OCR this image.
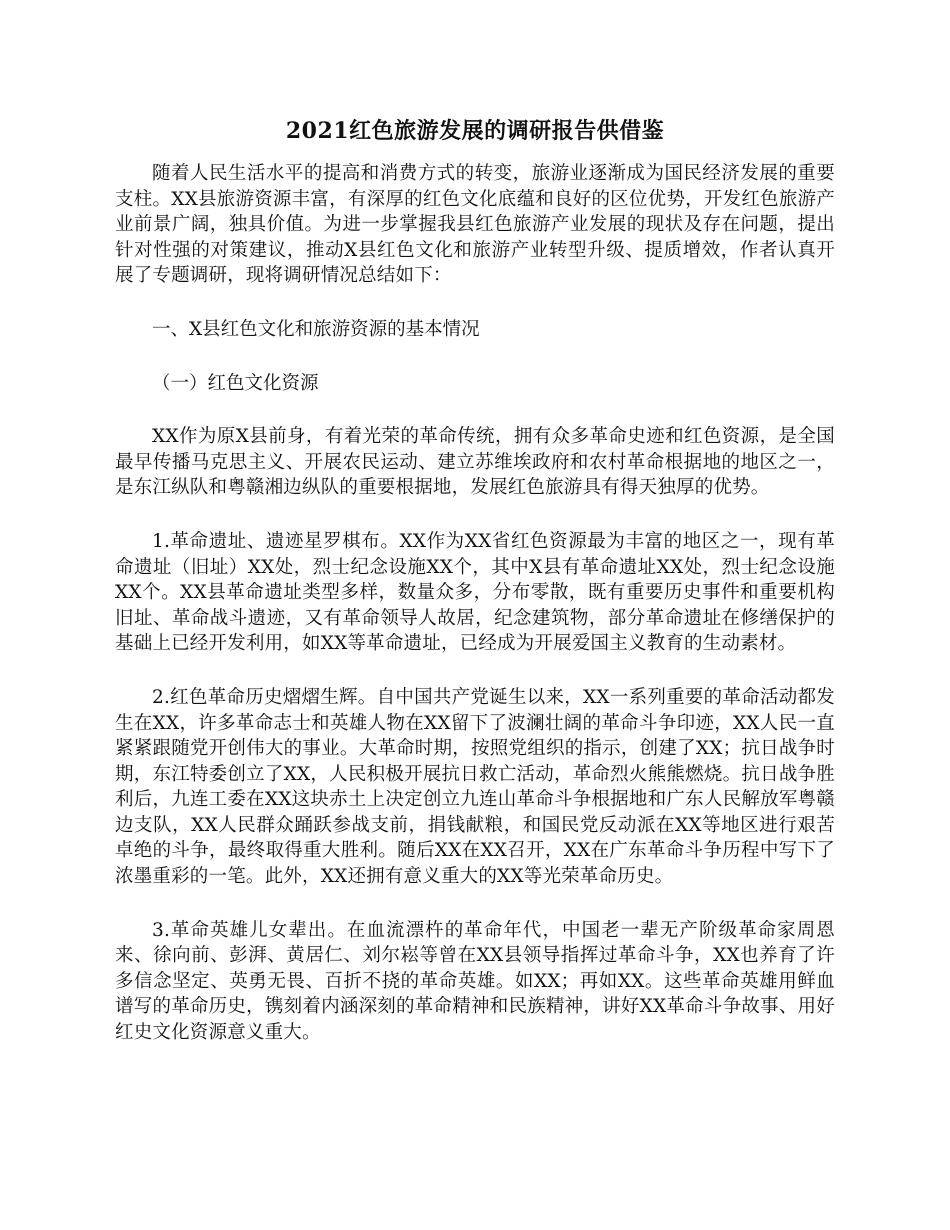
2021红色旅游发展的调研报告供借鉴

随着人民生活水平的提高和消费方式的转变，旅游业逐渐成为国民经济发展的重要支柱。XX县旅游资源丰富，有深厚的红色文化底蕴和良好的区位优势，开发红色旅游产业前景广阔，独具价值。为进一步掌握我县红色旅游产业发展的现状及存在问题，提出针对性强的对策建议，推动X县红色文化和旅游产业转型升级、提质增效，作者认真开展了专题调研，现将调研情况总结如下：

一、X县红色文化和旅游资源的基本情况

（一）红色文化资源

XX作为原X县前身，有着光荣的革命传统，拥有众多革命史迹和红色资源，是全国最早传播马克思主义、开展农民运动、建立苏维埃政府和农村革命根据地的地区之一，是东江纵队和粤赣湘边纵队的重要根据地，发展红色旅游具有得天独厚的优势。

1.革命遗址、遗迹星罗棋布。XX作为XX省红色资源最为丰富的地区之一，现有革命遗址（旧址）XX处，烈士纪念设施XX个，其中X县有革命遗址XX处，烈士纪念设施XX个。XX县革命遗址类型多样，数量众多，分布零散，既有重要历史事件和重要机构旧址、革命战斗遗迹，又有革命领导人故居，纪念建筑物，部分革命遗址在修缮保护的基础上已经开发利用，如XX等革命遗址，已经成为开展爱国主义教育的生动素材。

2.红色革命历史熠熠生辉。自中国共产党诞生以来，XX一系列重要的革命活动都发生在XX，许多革命志士和英雄人物在XX留下了波澜壮阔的革命斗争印迹，XX人民一直紧紧跟随党开创伟大的事业。大革命时期，按照党组织的指示，创建了XX；抗日战争时期，东江特委创立了XX，人民积极开展抗日救亡活动，革命烈火熊熊燃烧。抗日战争胜利后，九连工委在XX这块赤土上决定创立九连山革命斗争根据地和广东人民解放军粤赣边支队，XX人民群众踊跃参战支前，捐钱献粮，和国民党反动派在XX等地区进行艰苦卓绝的斗争，最终取得重大胜利。随后XX在XX召开，XX在广东革命斗争历程中写下了浓墨重彩的一笔。此外，XX还拥有意义重大的XX等光荣革命历史。

3.革命英雄儿女辈出。在血流漂杵的革命年代，中国老一辈无产阶级革命家周恩来、徐向前、彭湃、黄居仁、刘尔崧等曾在XX县领导指挥过革命斗争，XX也养育了许多信念坚定、英勇无畏、百折不挠的革命英雄。如XX；再如XX。这些革命英雄用鲜血谱写的革命历史，镌刻着内涵深刻的革命精神和民族精神，讲好XX革命斗争故事、用好红史文化资源意义重大。
